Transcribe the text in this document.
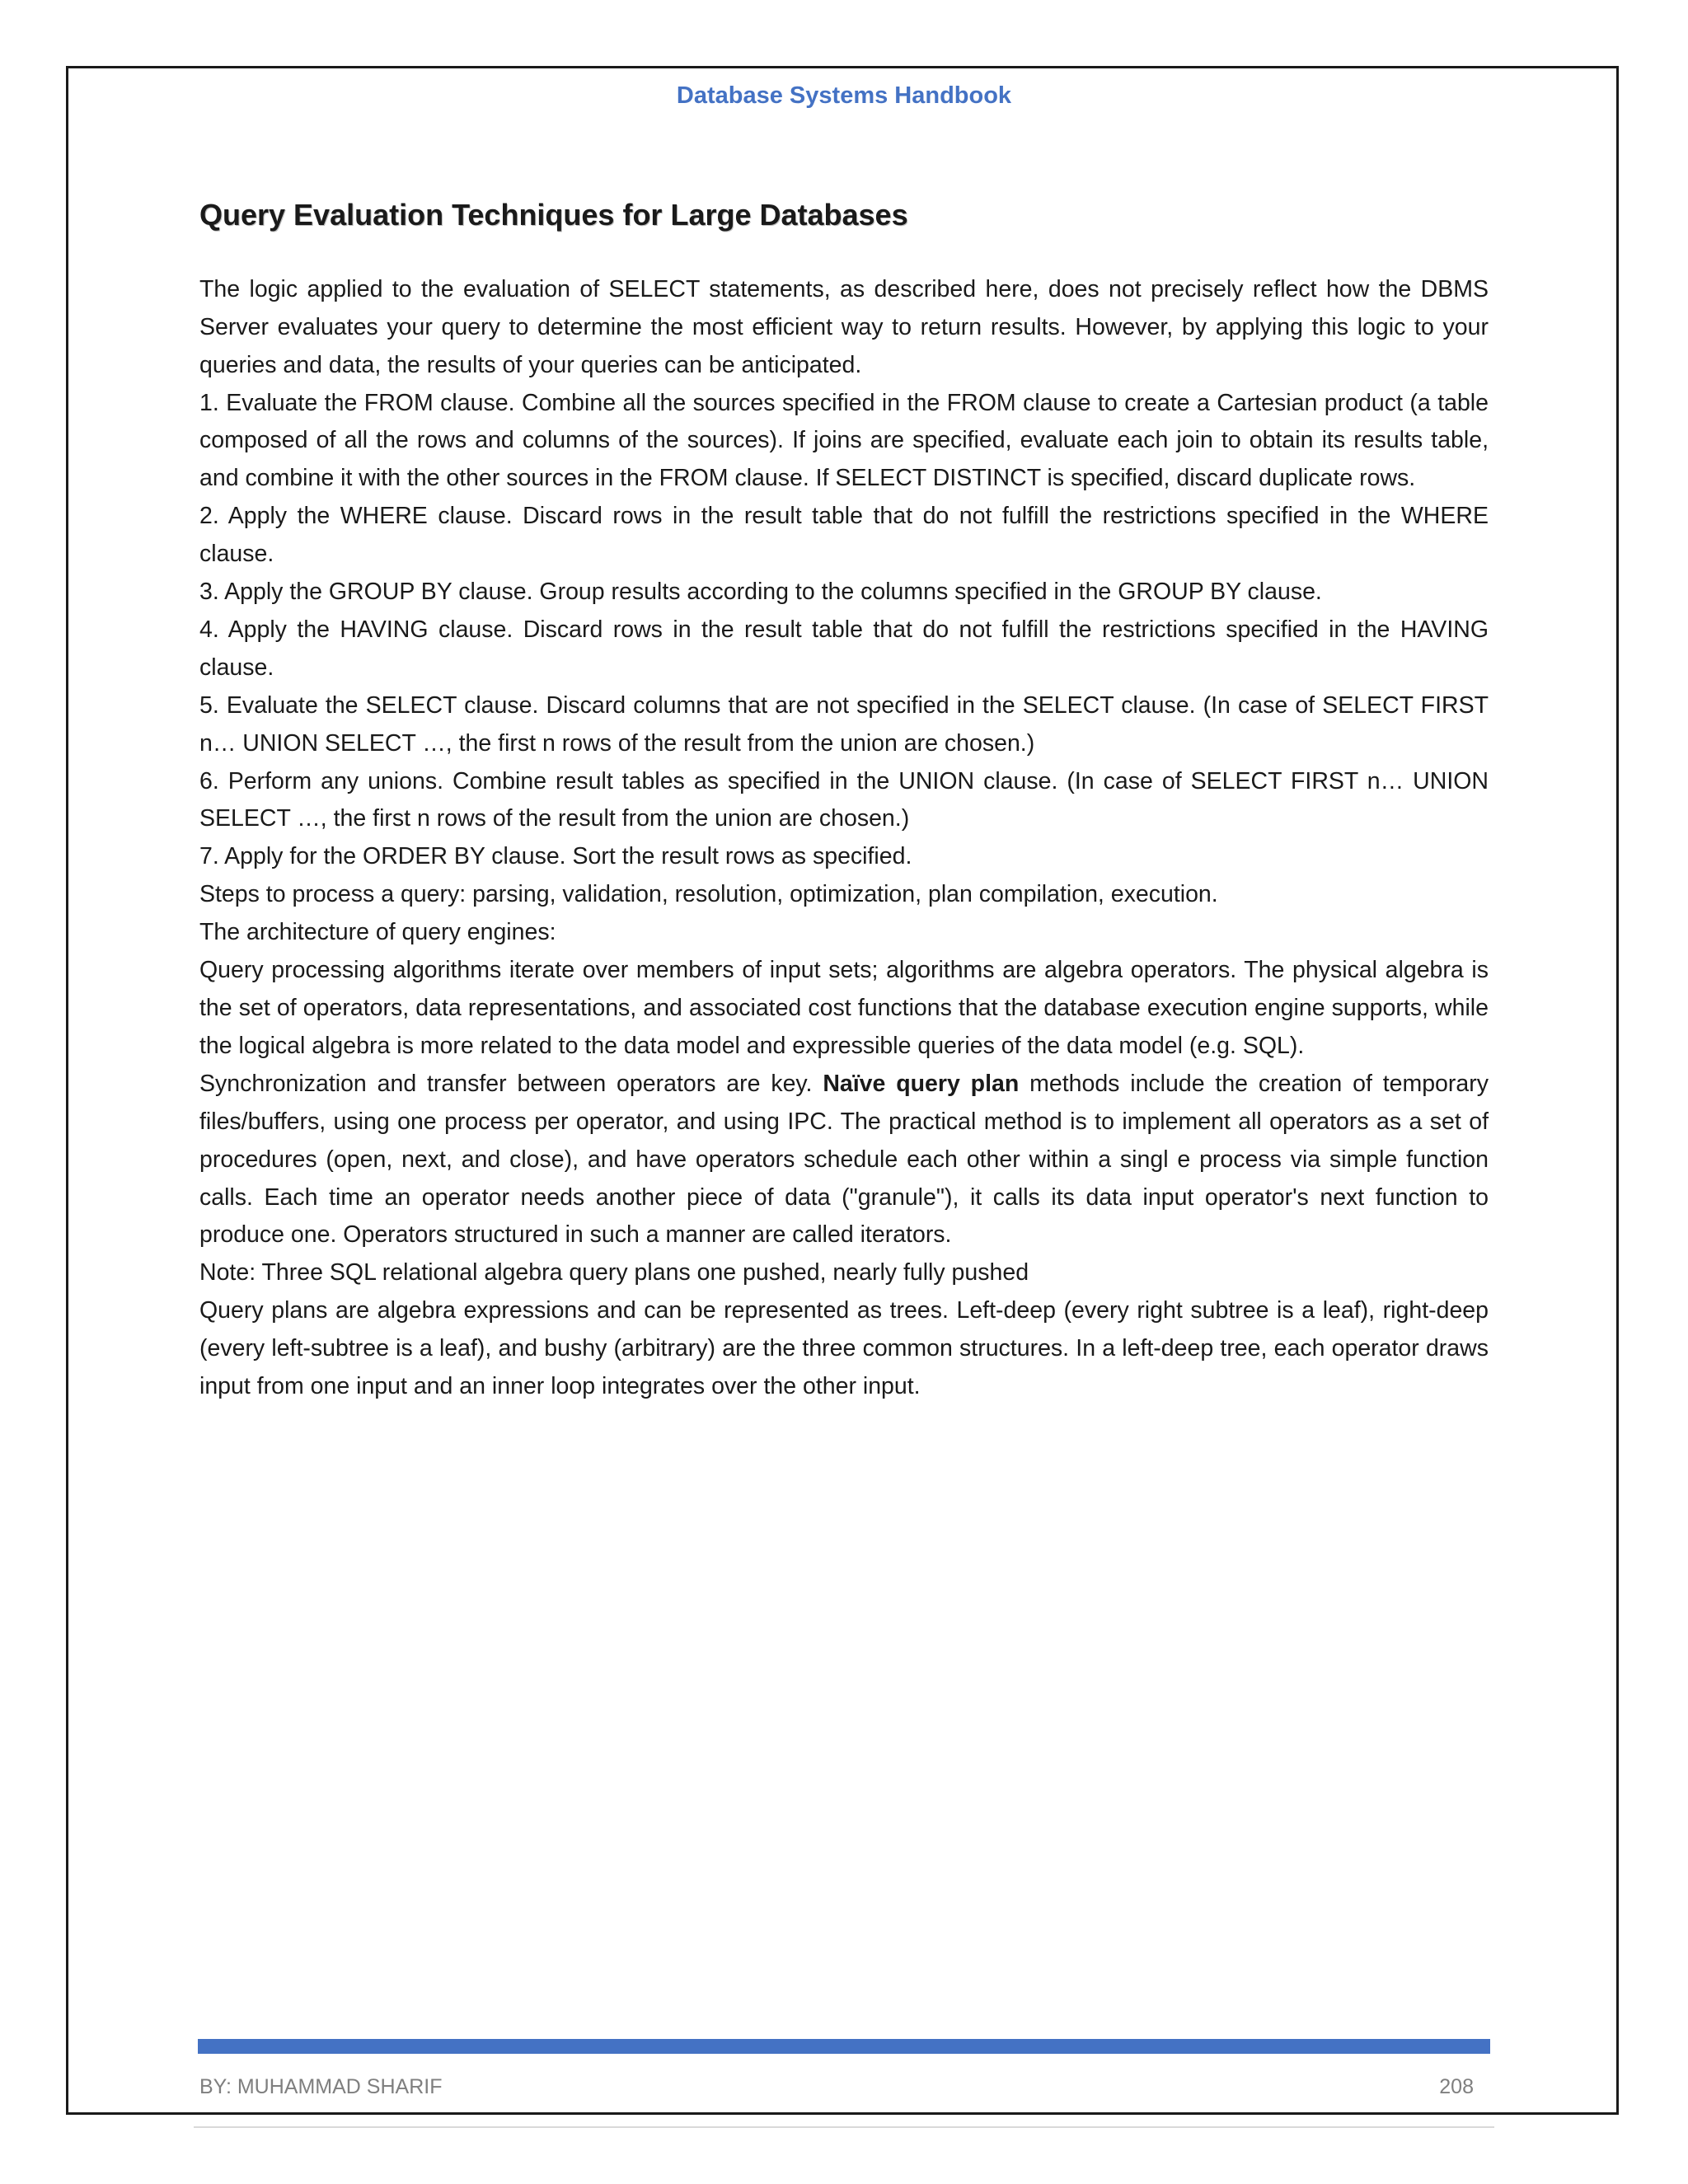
Database Systems Handbook
Query Evaluation Techniques for Large Databases

The logic applied to the evaluation of SELECT statements, as described here, does not precisely reflect how the DBMS Server evaluates your query to determine the most efficient way to return results. However, by applying this logic to your queries and data, the results of your queries can be anticipated.

1. Evaluate the FROM clause. Combine all the sources specified in the FROM clause to create a Cartesian product (a table composed of all the rows and columns of the sources). If joins are specified, evaluate each join to obtain its results table, and combine it with the other sources in the FROM clause. If SELECT DISTINCT is specified, discard duplicate rows.

2. Apply the WHERE clause. Discard rows in the result table that do not fulfill the restrictions specified in the WHERE clause.

3. Apply the GROUP BY clause. Group results according to the columns specified in the GROUP BY clause.

4. Apply the HAVING clause. Discard rows in the result table that do not fulfill the restrictions specified in the HAVING clause.

5. Evaluate the SELECT clause. Discard columns that are not specified in the SELECT clause. (In case of SELECT FIRST n… UNION SELECT …, the first n rows of the result from the union are chosen.)

6. Perform any unions. Combine result tables as specified in the UNION clause. (In case of SELECT FIRST n… UNION SELECT …, the first n rows of the result from the union are chosen.)

7. Apply for the ORDER BY clause. Sort the result rows as specified.

Steps to process a query: parsing, validation, resolution, optimization, plan compilation, execution.

The architecture of query engines:

Query processing algorithms iterate over members of input sets; algorithms are algebra operators. The physical algebra is the set of operators, data representations, and associated cost functions that the database execution engine supports, while the logical algebra is more related to the data model and expressible queries of the data model (e.g. SQL).

Synchronization and transfer between operators are key. Naïve query plan methods include the creation of temporary files/buffers, using one process per operator, and using IPC. The practical method is to implement all operators as a set of procedures (open, next, and close), and have operators schedule each other within a singl e process via simple function calls. Each time an operator needs another piece of data ("granule"), it calls its data input operator's next function to produce one. Operators structured in such a manner are called iterators.

Note: Three SQL relational algebra query plans one pushed, nearly fully pushed

Query plans are algebra expressions and can be represented as trees. Left-deep (every right subtree is a leaf), right-deep (every left-subtree is a leaf), and bushy (arbitrary) are the three common structures. In a left-deep tree, each operator draws input from one input and an inner loop integrates over the other input.

BY: MUHAMMAD SHARIF	208
